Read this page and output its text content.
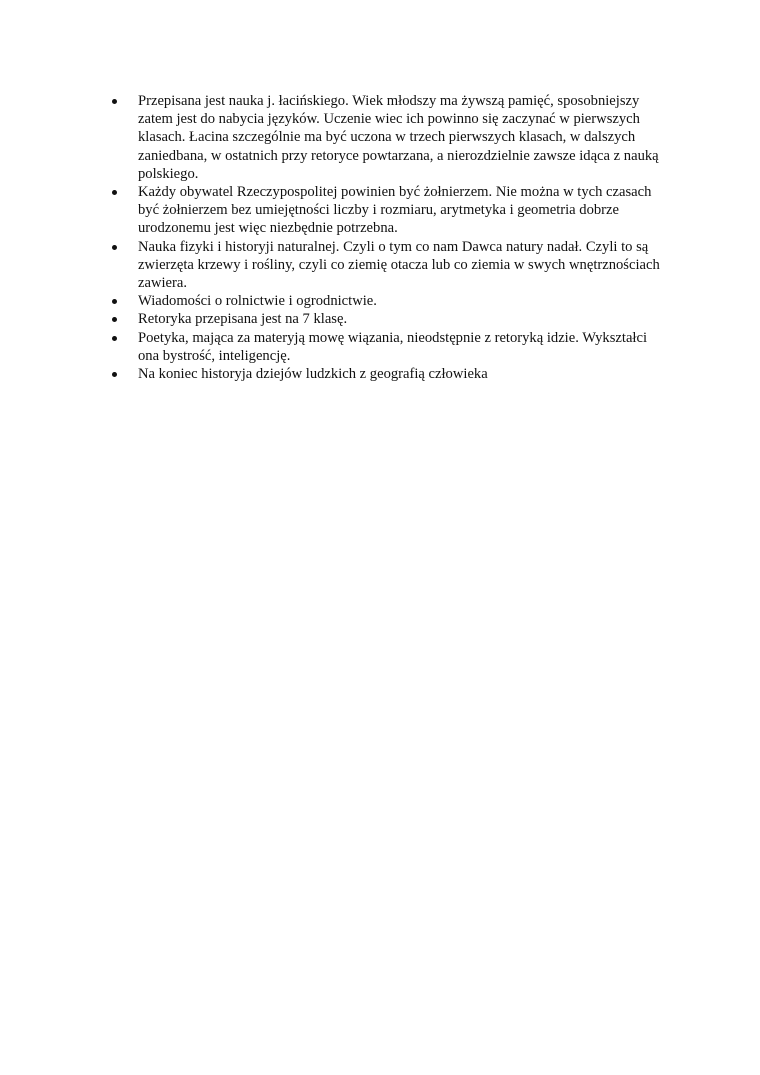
Przepisana jest nauka j. łacińskiego. Wiek młodszy ma żywszą pamięć, sposobniejszy zatem jest do nabycia języków. Uczenie wiec ich powinno się zaczynać w pierwszych klasach. Łacina szczególnie ma być uczona w trzech pierwszych klasach, w dalszych zaniedbana, w ostatnich przy retoryce powtarzana, a nierozdzielnie zawsze idąca z nauką polskiego.
Każdy obywatel Rzeczypospolitej powinien być żołnierzem. Nie można w tych czasach być żołnierzem bez umiejętności liczby i rozmiaru, arytmetyka i geometria dobrze urodzonemu jest więc niezbędnie potrzebna.
Nauka fizyki i historyji naturalnej. Czyli o tym co nam Dawca natury nadał. Czyli to są zwierzęta krzewy i rośliny, czyli co ziemię otacza lub co ziemia w swych wnętrznościach zawiera.
Wiadomości o rolnictwie i ogrodnictwie.
Retoryka przepisana jest na 7 klasę.
Poetyka, mająca za materyją mowę wiązania, nieodstępnie z retoryką idzie. Wykształci ona bystrość, inteligencję.
Na koniec historyja dziejów ludzkich z geografią człowieka
